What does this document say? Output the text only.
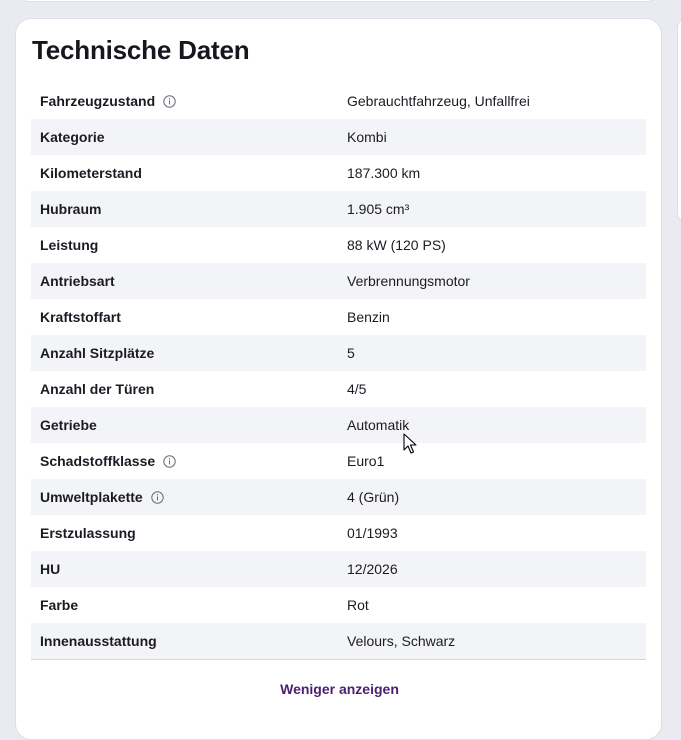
Technische Daten
Fahrzeugzustand	Gebrauchtfahrzeug, Unfallfrei
Kategorie	Kombi
Kilometerstand	187.300 km
Hubraum	1.905 cm³
Leistung	88 kW (120 PS)
Antriebsart	Verbrennungsmotor
Kraftstoffart	Benzin
Anzahl Sitzplätze	5
Anzahl der Türen	4/5
Getriebe	Automatik
Schadstoffklasse	Euro1
Umweltplakette	4 (Grün)
Erstzulassung	01/1993
HU	12/2026
Farbe	Rot
Innenausstattung	Velours, Schwarz
Weniger anzeigen
